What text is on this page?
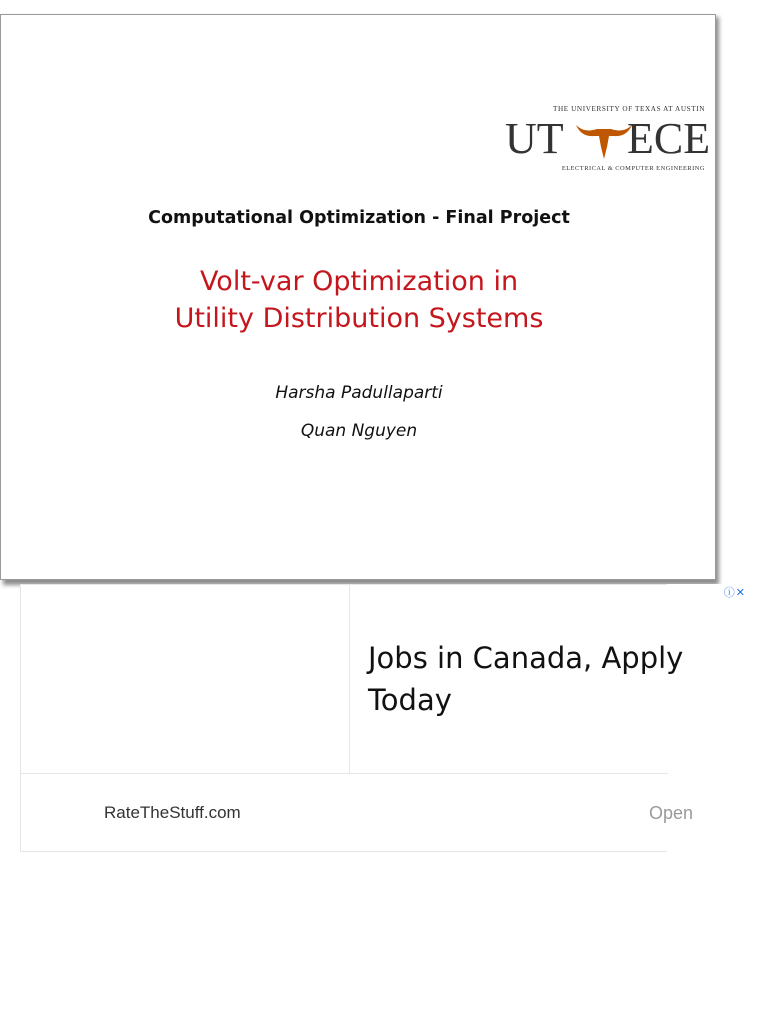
THE UNIVERSITY OF TEXAS AT AUSTIN
UT ECE
ELECTRICAL & COMPUTER ENGINEERING
Computational Optimization - Final Project
Volt-var Optimization in
Utility Distribution Systems
Harsha Padullaparti
Quan Nguyen
ⓘ✕
Jobs in Canada, Apply
Today
RateTheStuff.com	Open
